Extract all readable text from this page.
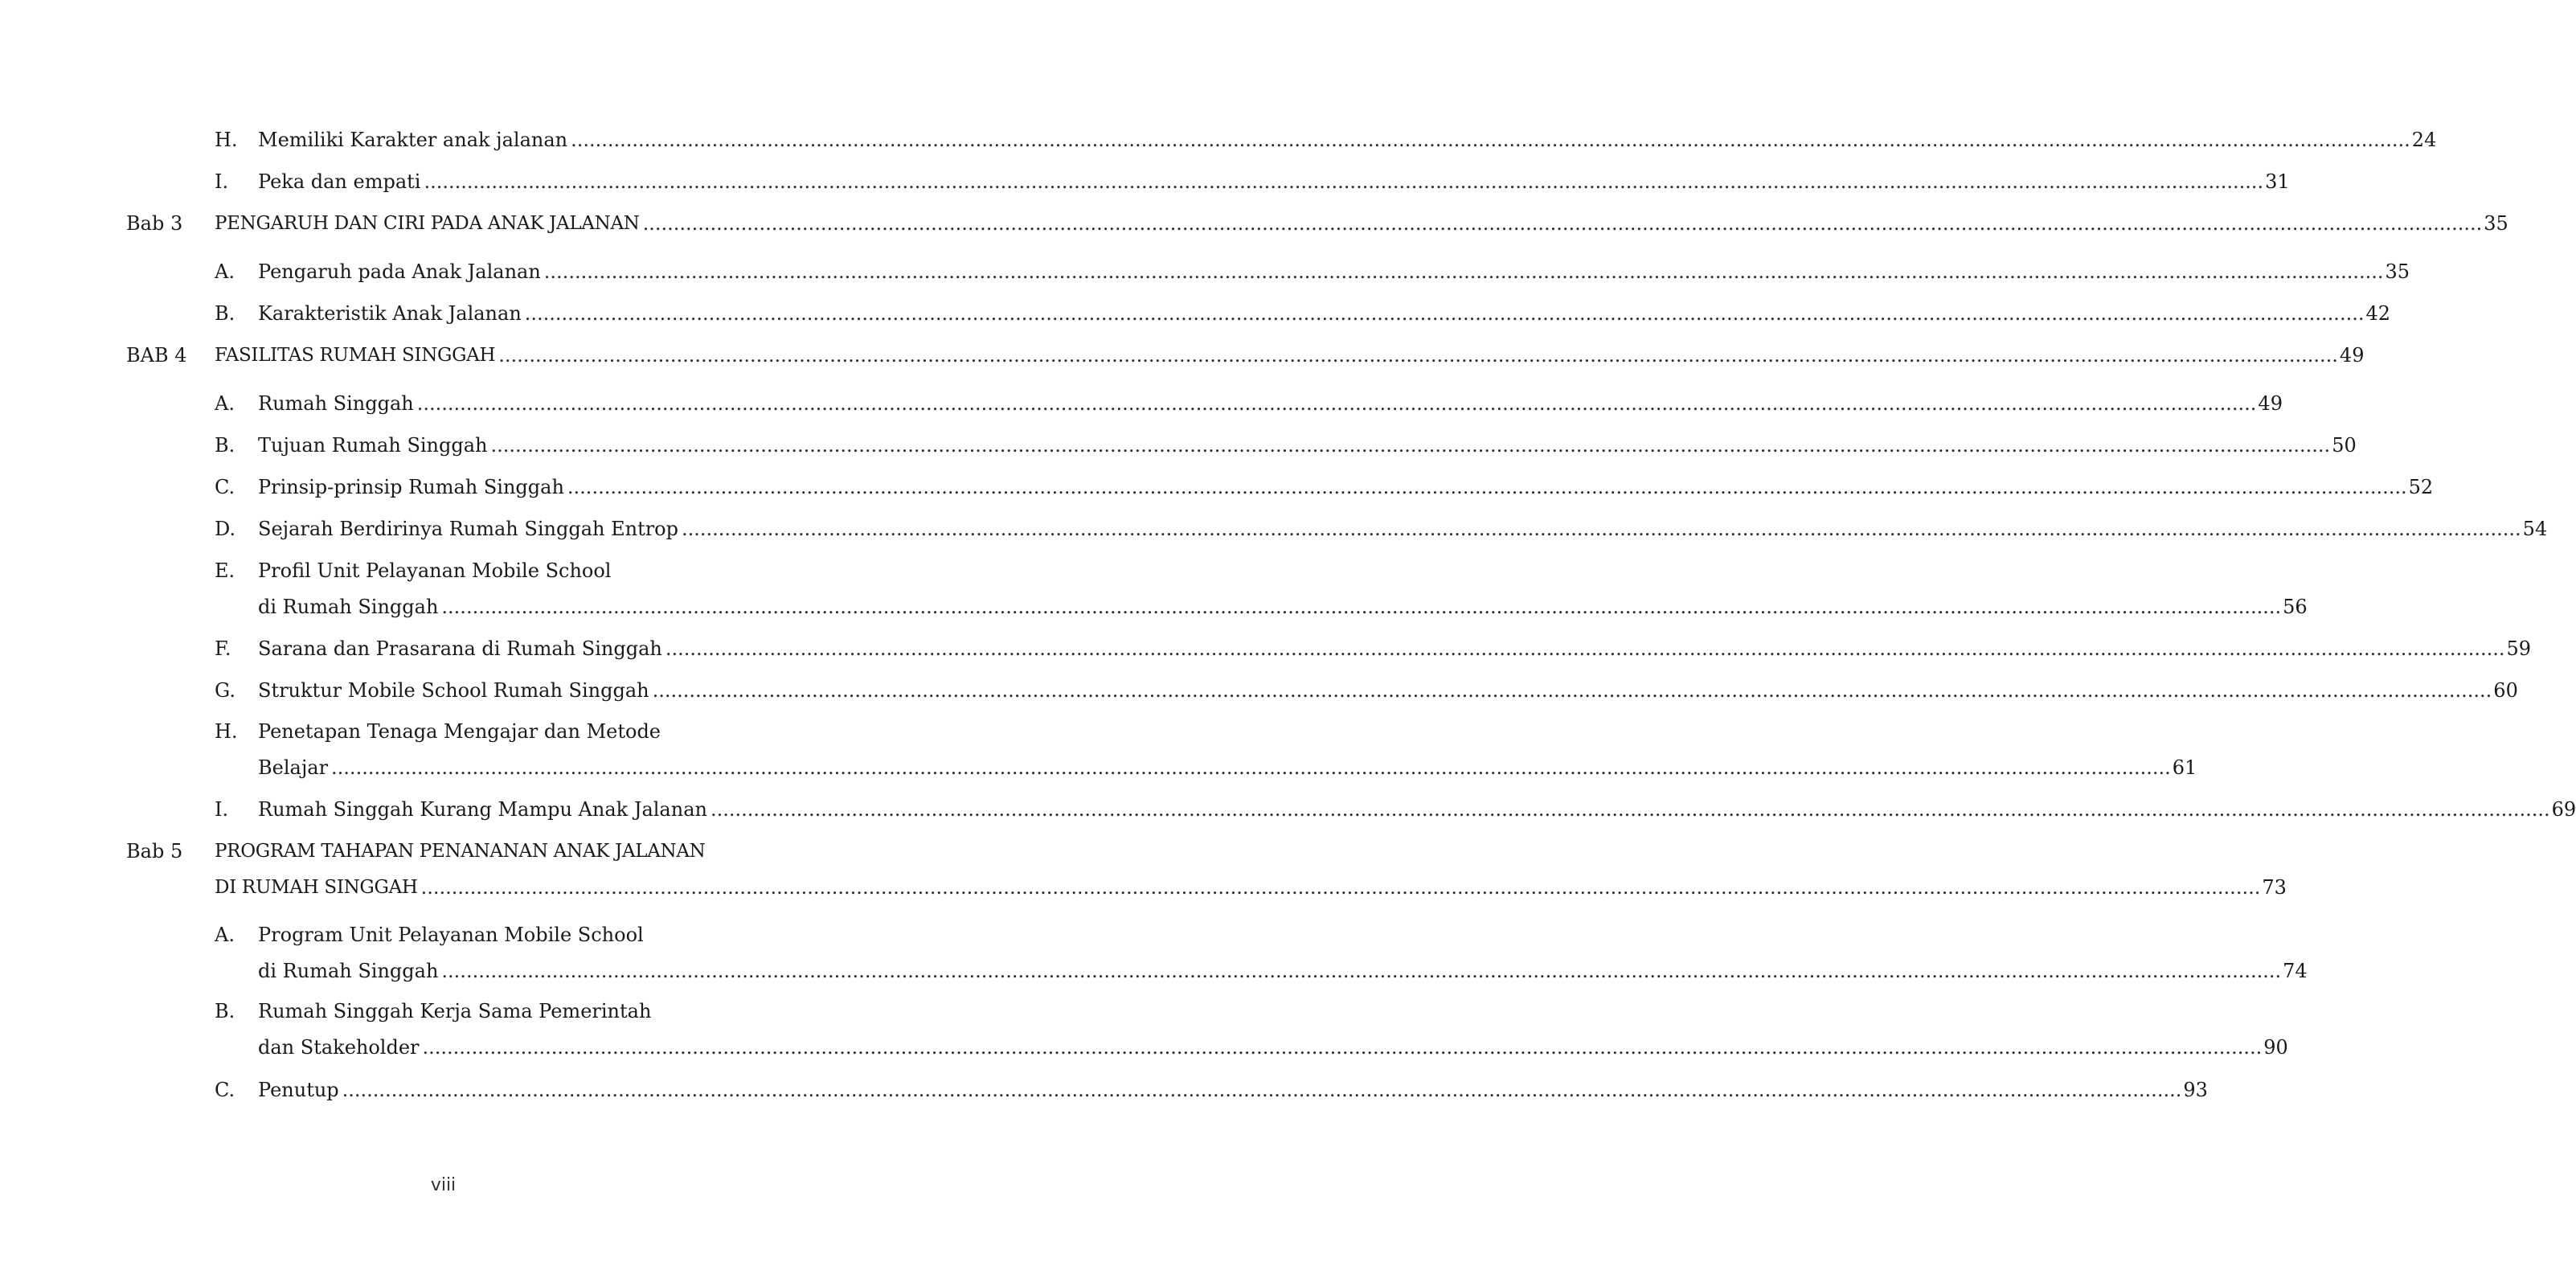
H. Memiliki Karakter anak jalanan ............................................................................................................................................................................................................................................................................................................ 24
I. Peka dan empati ............................................................................................................................................................................................................................................................................................................ 31
Bab 3 PENGARUH DAN CIRI PADA ANAK JALANAN ............................................................................................................................................................................................................................................................................................................ 35
A. Pengaruh pada Anak Jalanan ............................................................................................................................................................................................................................................................................................................ 35
B. Karakteristik Anak Jalanan ............................................................................................................................................................................................................................................................................................................ 42
BAB 4 FASILITAS RUMAH SINGGAH ............................................................................................................................................................................................................................................................................................................ 49
A. Rumah Singgah ............................................................................................................................................................................................................................................................................................................ 49
B. Tujuan Rumah Singgah ............................................................................................................................................................................................................................................................................................................ 50
C. Prinsip-prinsip Rumah Singgah ............................................................................................................................................................................................................................................................................................................ 52
D. Sejarah Berdirinya Rumah Singgah Entrop ............................................................................................................................................................................................................................................................................................................ 54
Profil Unit Pelayanan Mobile School
E.
di Rumah Singgah ............................................................................................................................................................................................................................................................................................................ 56
F. Sarana dan Prasarana di Rumah Singgah ............................................................................................................................................................................................................................................................................................................ 59
G. Struktur Mobile School Rumah Singgah ............................................................................................................................................................................................................................................................................................................ 60
Penetapan Tenaga Mengajar dan Metode
H.
Belajar ............................................................................................................................................................................................................................................................................................................ 61
I. Rumah Singgah Kurang Mampu Anak Jalanan ............................................................................................................................................................................................................................................................................................................ 69
PROGRAM TAHAPAN PENANANAN ANAK JALANAN
Bab 5
DI RUMAH SINGGAH ............................................................................................................................................................................................................................................................................................................ 73
Program Unit Pelayanan Mobile School
A.
di Rumah Singgah ............................................................................................................................................................................................................................................................................................................ 74
Rumah Singgah Kerja Sama Pemerintah
B.
dan Stakeholder ............................................................................................................................................................................................................................................................................................................ 90
C. Penutup ............................................................................................................................................................................................................................................................................................................ 93
viii
